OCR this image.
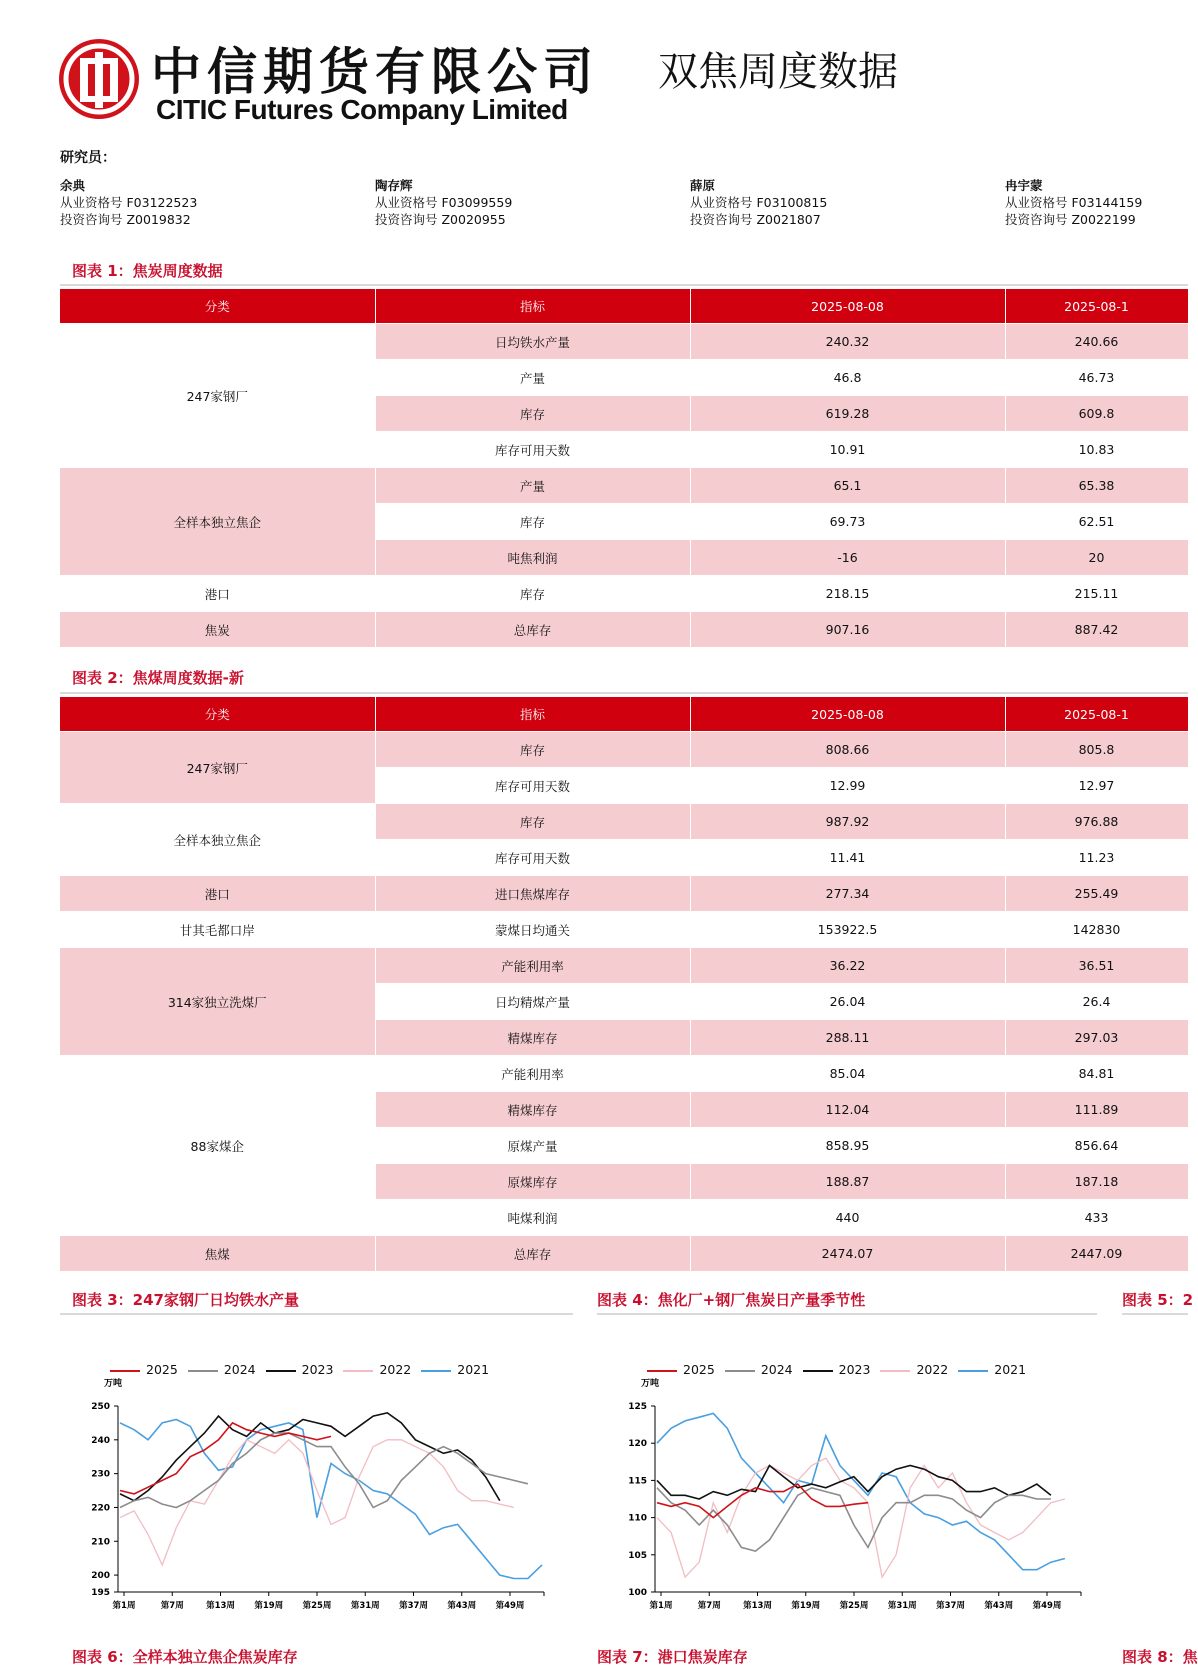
中信期货有限公司
CITIC Futures Company Limited
双焦周度数据
研究员：
余典
从业资格号 F03122523
投资咨询号 Z0019832
陶存辉
从业资格号 F03099559
投资咨询号 Z0020955
薛原
从业资格号 F03100815
投资咨询号 Z0021807
冉宇蒙
从业资格号 F03144159
投资咨询号 Z0022199
图表 1：焦炭周度数据
分类	指标	2025-08-08	2025-08-1
247家钢厂	日均铁水产量	240.32	240.66
	产量	46.8	46.73
	库存	619.28	609.8
	库存可用天数	10.91	10.83
全样本独立焦企	产量	65.1	65.38
	库存	69.73	62.51
	吨焦利润	-16	20
港口	库存	218.15	215.11
焦炭	总库存	907.16	887.42
图表 2：焦煤周度数据-新
分类	指标	2025-08-08	2025-08-1
247家钢厂	库存	808.66	805.8
	库存可用天数	12.99	12.97
全样本独立焦企	库存	987.92	976.88
	库存可用天数	11.41	11.23
港口	进口焦煤库存	277.34	255.49
甘其毛都口岸	蒙煤日均通关	153922.5	142830
314家独立洗煤厂	产能利用率	36.22	36.51
	日均精煤产量	26.04	26.4
	精煤库存	288.11	297.03
88家煤企	产能利用率	85.04	84.81
	精煤库存	112.04	111.89
	原煤产量	858.95	856.64
	原煤库存	188.87	187.18
	吨煤利润	440	433
焦煤	总库存	2474.07	2447.09
图表 3：247家钢厂日均铁水产量
万吨
195
200
210
220
230
240
250
第1周	第7周	第13周 第19周 第25周 第31周 第37周 第43周 第49周
2025	2024	2023	2022	2021
图表 4：焦化厂+钢厂焦炭日产量季节性
万吨
100
105
110
115
120
125
第1周	第7周	第13周 第19周 第25周 第31周 第37周 第43周 第49周
2025	2024	2023	2022	2021
图表 5：2
图表 6：全样本独立焦企焦炭库存	图表 7：港口焦炭库存	图表 8：焦
